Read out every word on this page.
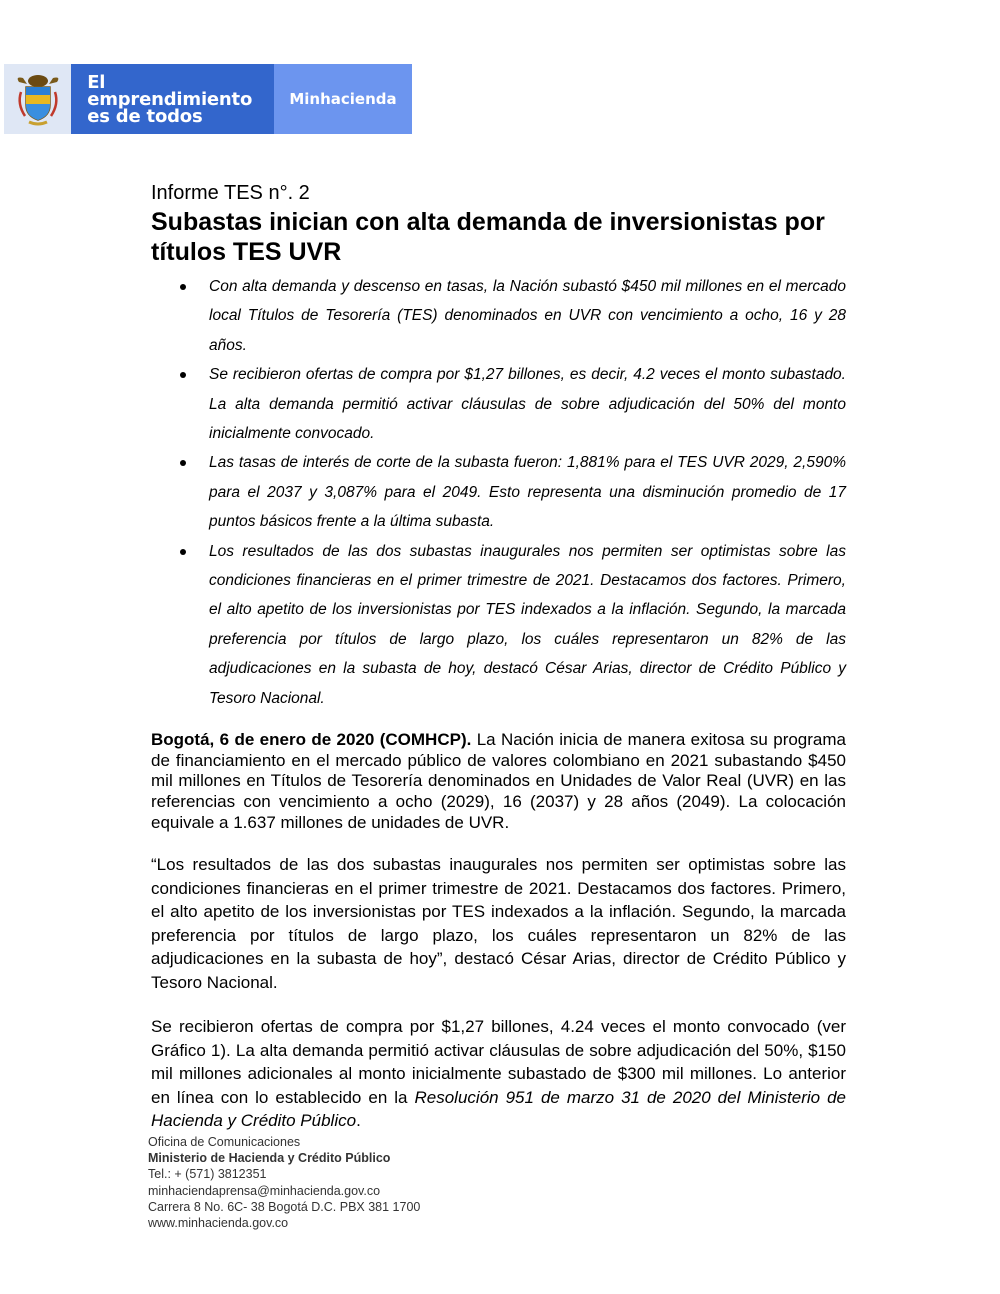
El emprendimiento
es de todos
Minhacienda
Informe TES n°. 2
Subastas inician con alta demanda de inversionistas por títulos TES UVR
Con alta demanda y descenso en tasas, la Nación subastó $450 mil millones en el mercado local Títulos de Tesorería (TES) denominados en UVR con vencimiento a ocho, 16 y 28 años.
Se recibieron ofertas de compra por $1,27 billones, es decir, 4.2 veces el monto subastado. La alta demanda permitió activar cláusulas de sobre adjudicación del 50% del monto inicialmente convocado.
Las tasas de interés de corte de la subasta fueron: 1,881% para el TES UVR 2029, 2,590% para el 2037 y 3,087% para el 2049. Esto representa una disminución promedio de 17 puntos básicos frente a la última subasta.
Los resultados de las dos subastas inaugurales nos permiten ser optimistas sobre las condiciones financieras en el primer trimestre de 2021. Destacamos dos factores. Primero, el alto apetito de los inversionistas por TES indexados a la inflación. Segundo, la marcada preferencia por títulos de largo plazo, los cuáles representaron un 82% de las adjudicaciones en la subasta de hoy, destacó César Arias, director de Crédito Público y Tesoro Nacional.

Bogotá, 6 de enero de 2020 (COMHCP). La Nación inicia de manera exitosa su programa de financiamiento en el mercado público de valores colombiano en 2021 subastando $450 mil millones en Títulos de Tesorería denominados en Unidades de Valor Real (UVR) en las referencias con vencimiento a ocho (2029), 16 (2037) y 28 años (2049). La colocación equivale a 1.637 millones de unidades de UVR.

“Los resultados de las dos subastas inaugurales nos permiten ser optimistas sobre las condiciones financieras en el primer trimestre de 2021. Destacamos dos factores. Primero, el alto apetito de los inversionistas por TES indexados a la inflación. Segundo, la marcada preferencia por títulos de largo plazo, los cuáles representaron un 82% de las adjudicaciones en la subasta de hoy”, destacó César Arias, director de Crédito Público y Tesoro Nacional.

Se recibieron ofertas de compra por $1,27 billones, 4.24 veces el monto convocado (ver Gráfico 1). La alta demanda permitió activar cláusulas de sobre adjudicación del 50%, $150 mil millones adicionales al monto inicialmente subastado de $300 mil millones. Lo anterior en línea con lo establecido en la Resolución 951 de marzo 31 de 2020 del Ministerio de Hacienda y Crédito Público.

Oficina de Comunicaciones
Ministerio de Hacienda y Crédito Público
Tel.: + (571) 3812351
minhaciendaprensa@minhacienda.gov.co
Carrera 8 No. 6C- 38 Bogotá D.C. PBX 381 1700
www.minhacienda.gov.co
